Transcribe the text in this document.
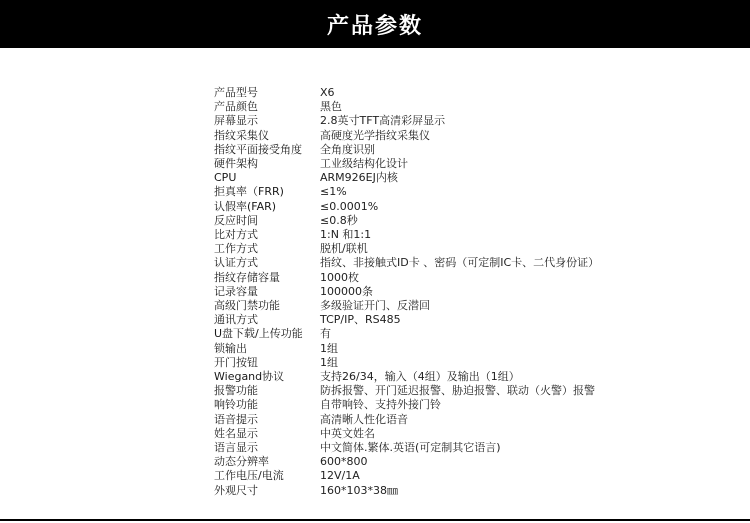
产品参数
产品型号	X6
产品颜色	黑色
屏幕显示	2.8英寸TFT高清彩屏显示
指纹采集仪	高硬度光学指纹采集仪
指纹平面接受角度	全角度识别
硬件架构	工业级结构化设计
CPU	ARM926EJ内核
拒真率（FRR)	≤1%
认假率(FAR)	≤0.0001%
反应时间	≤0.8秒
比对方式	1:N 和1:1
工作方式	脱机/联机
认证方式	指纹、非接触式ID卡 、密码（可定制IC卡、二代身份证）
指纹存储容量	1000枚
记录容量	100000条
高级门禁功能	多级验证开门、反潜回
通讯方式	TCP/IP、RS485
U盘下载/上传功能	有
锁输出	1组
开门按钮	1组
Wiegand协议	支持26/34，输入（4组）及输出（1组）
报警功能	防拆报警、开门延迟报警、胁迫报警、联动（火警）报警
响铃功能	自带响铃、支持外接门铃
语音提示	高清晰人性化语音
姓名显示	中英文姓名
语言显示	中文简体.繁体.英语(可定制其它语言)
动态分辨率	600*800
工作电压/电流	12V/1A
外观尺寸	160*103*38㎜
